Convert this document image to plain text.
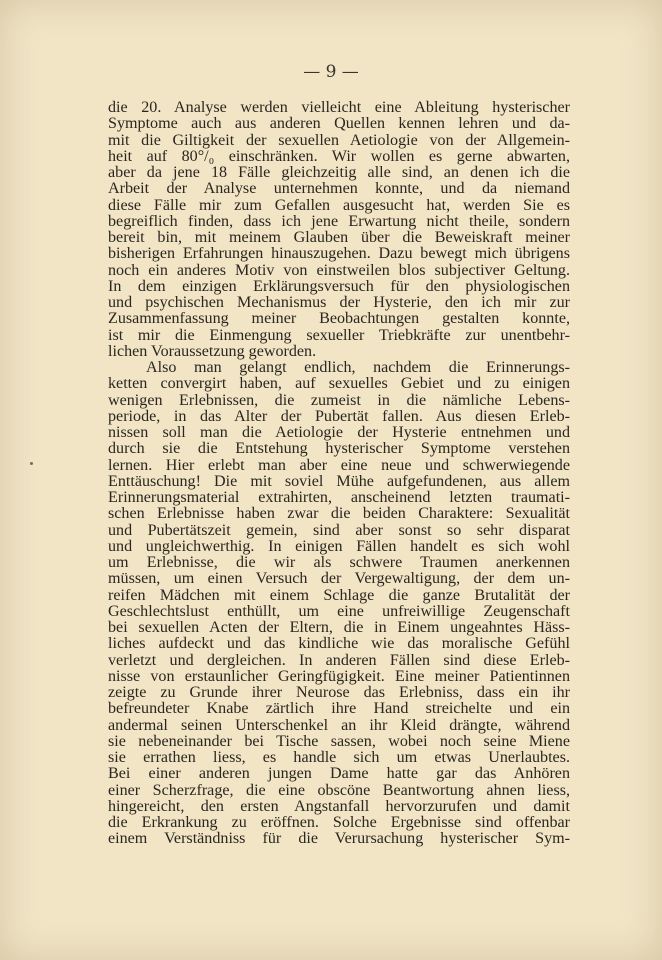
— 9 —
die 20. Analyse werden vielleicht eine Ableitung hysterischer
Symptome auch aus anderen Quellen kennen lehren und da-
mit die Giltigkeit der sexuellen Aetiologie von der Allgemein-
heit auf 80°/₀ einschränken. Wir wollen es gerne abwarten,
aber da jene 18 Fälle gleichzeitig alle sind, an denen ich die
Arbeit der Analyse unternehmen konnte, und da niemand
diese Fälle mir zum Gefallen ausgesucht hat, werden Sie es
begreiflich finden, dass ich jene Erwartung nicht theile, sondern
bereit bin, mit meinem Glauben über die Beweiskraft meiner
bisherigen Erfahrungen hinauszugehen. Dazu bewegt mich übrigens
noch ein anderes Motiv von einstweilen blos subjectiver Geltung.
In dem einzigen Erklärungsversuch für den physiologischen
und psychischen Mechanismus der Hysterie, den ich mir zur
Zusammenfassung meiner Beobachtungen gestalten konnte,
ist mir die Einmengung sexueller Triebkräfte zur unentbehr-
lichen Voraussetzung geworden.
Also man gelangt endlich, nachdem die Erinnerungs-
ketten convergirt haben, auf sexuelles Gebiet und zu einigen
wenigen Erlebnissen, die zumeist in die nämliche Lebens-
periode, in das Alter der Pubertät fallen. Aus diesen Erleb-
nissen soll man die Aetiologie der Hysterie entnehmen und
durch sie die Entstehung hysterischer Symptome verstehen
lernen. Hier erlebt man aber eine neue und schwerwiegende
Enttäuschung! Die mit soviel Mühe aufgefundenen, aus allem
Erinnerungsmaterial extrahirten, anscheinend letzten traumati-
schen Erlebnisse haben zwar die beiden Charaktere: Sexualität
und Pubertätszeit gemein, sind aber sonst so sehr disparat
und ungleichwerthig. In einigen Fällen handelt es sich wohl
um Erlebnisse, die wir als schwere Traumen anerkennen
müssen, um einen Versuch der Vergewaltigung, der dem un-
reifen Mädchen mit einem Schlage die ganze Brutalität der
Geschlechtslust enthüllt, um eine unfreiwillige Zeugenschaft
bei sexuellen Acten der Eltern, die in Einem ungeahntes Häss-
liches aufdeckt und das kindliche wie das moralische Gefühl
verletzt und dergleichen. In anderen Fällen sind diese Erleb-
nisse von erstaunlicher Geringfügigkeit. Eine meiner Patientinnen
zeigte zu Grunde ihrer Neurose das Erlebniss, dass ein ihr
befreundeter Knabe zärtlich ihre Hand streichelte und ein
andermal seinen Unterschenkel an ihr Kleid drängte, während
sie nebeneinander bei Tische sassen, wobei noch seine Miene
sie errathen liess, es handle sich um etwas Unerlaubtes.
Bei einer anderen jungen Dame hatte gar das Anhören
einer Scherzfrage, die eine obscöne Beantwortung ahnen liess,
hingereicht, den ersten Angstanfall hervorzurufen und damit
die Erkrankung zu eröffnen. Solche Ergebnisse sind offenbar
einem Verständniss für die Verursachung hysterischer Sym-
